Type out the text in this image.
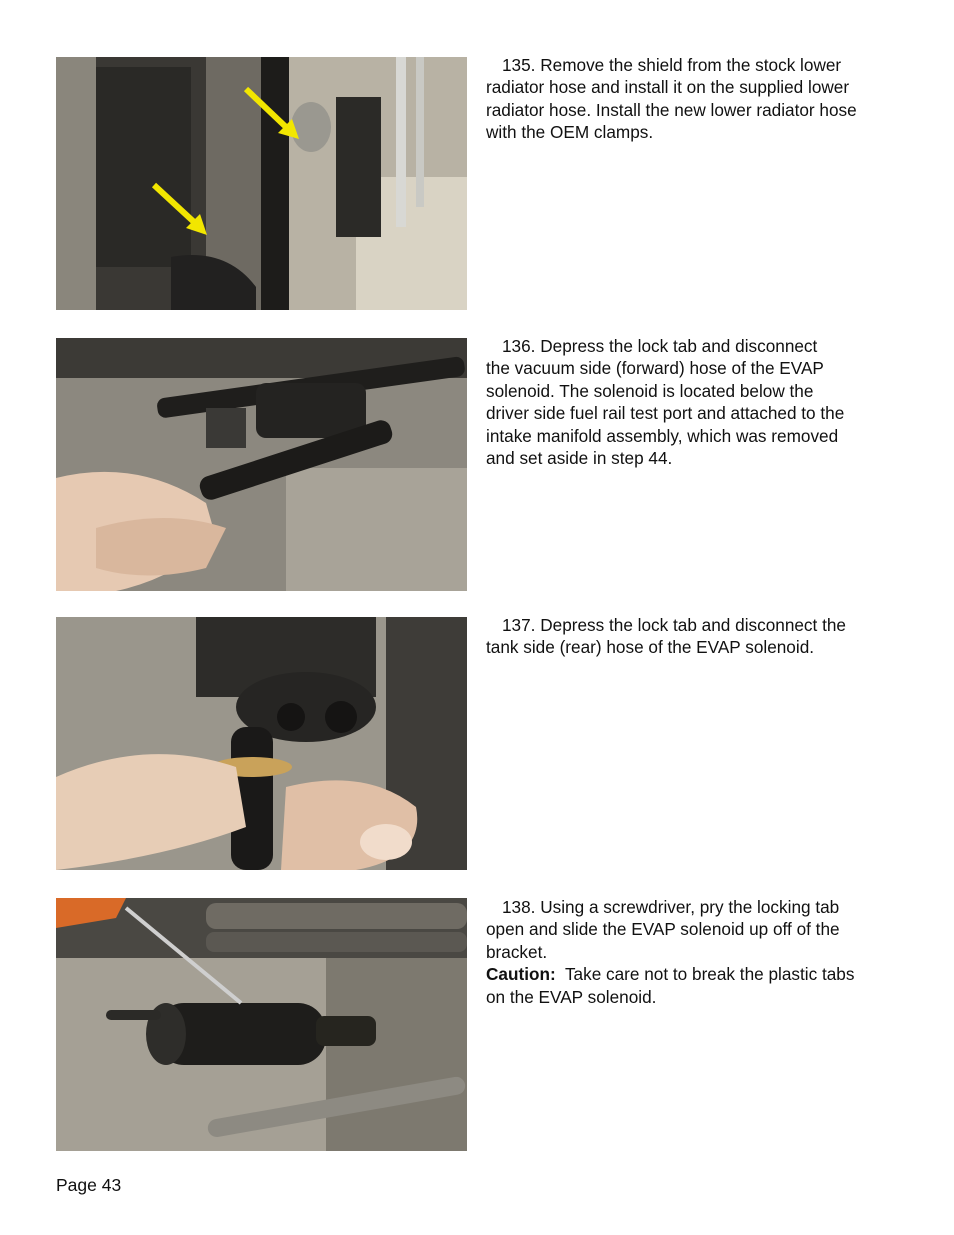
135. Remove the shield from the stock lower
radiator hose and install it on the supplied lower
radiator hose. Install the new lower radiator hose
with the OEM clamps.
136. Depress the lock tab and disconnect
the vacuum side (forward) hose of the EVAP
solenoid. The solenoid is located below the
driver side fuel rail test port and attached to the
intake manifold assembly, which was removed
and set aside in step 44.
137. Depress the lock tab and disconnect the
tank side (rear) hose of the EVAP solenoid.
138. Using a screwdriver, pry the locking tab
open and slide the EVAP solenoid up off of the
bracket.
Caution: Take care not to break the plastic tabs
on the EVAP solenoid.
Page 43
